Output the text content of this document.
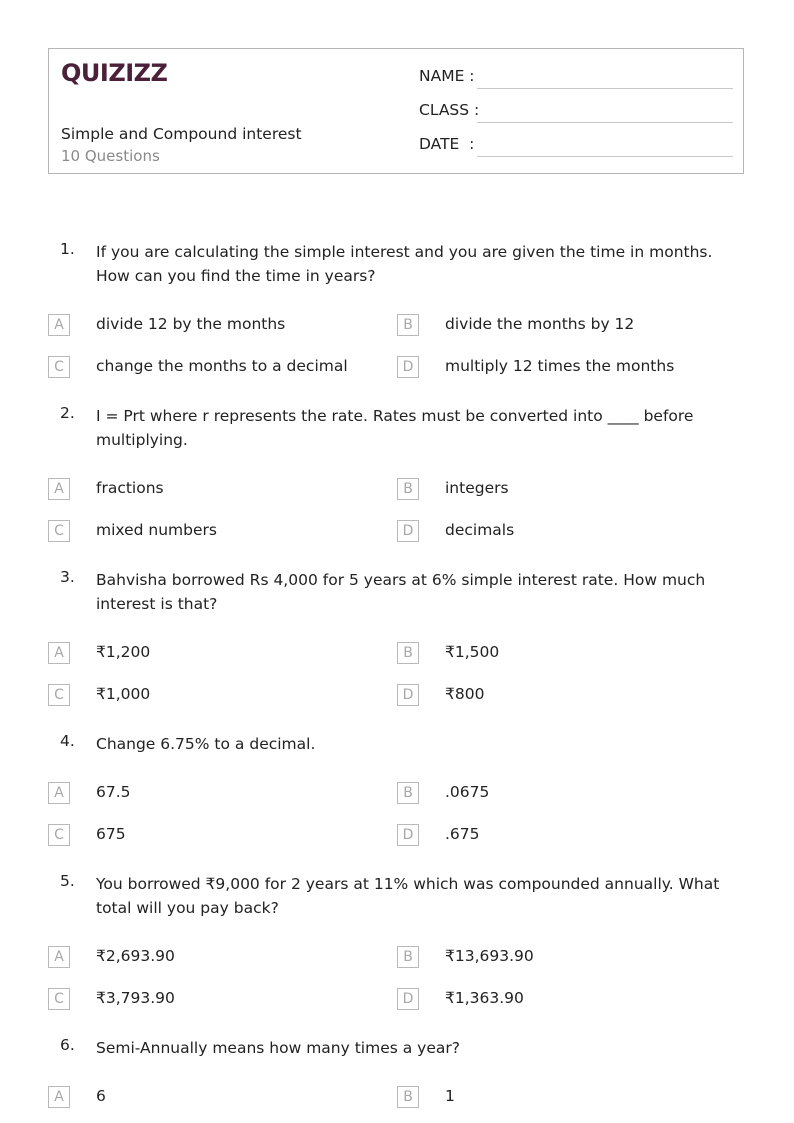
QUIZIZZ
Simple and Compound interest
10 Questions
NAME :
CLASS :
DATE  :
1. If you are calculating the simple interest and you are given the time in months. How can you find the time in years?
A	divide 12 by the months	B	divide the months by 12
C	change the months to a decimal	D	multiply 12 times the months
2. I = Prt where r represents the rate. Rates must be converted into ____ before multiplying.
A	fractions	B	integers
C	mixed numbers	D	decimals
3. Bahvisha borrowed Rs 4,000 for 5 years at 6% simple interest rate. How much interest is that?
A	₹1,200	B	₹1,500
C	₹1,000	D	₹800
4. Change 6.75% to a decimal.
A	67.5	B	.0675
C	675	D	.675
5. You borrowed ₹9,000 for 2 years at 11% which was compounded annually. What total will you pay back?
A	₹2,693.90	B	₹13,693.90
C	₹3,793.90	D	₹1,363.90
6. Semi-Annually means how many times a year?
A	6	B	1
